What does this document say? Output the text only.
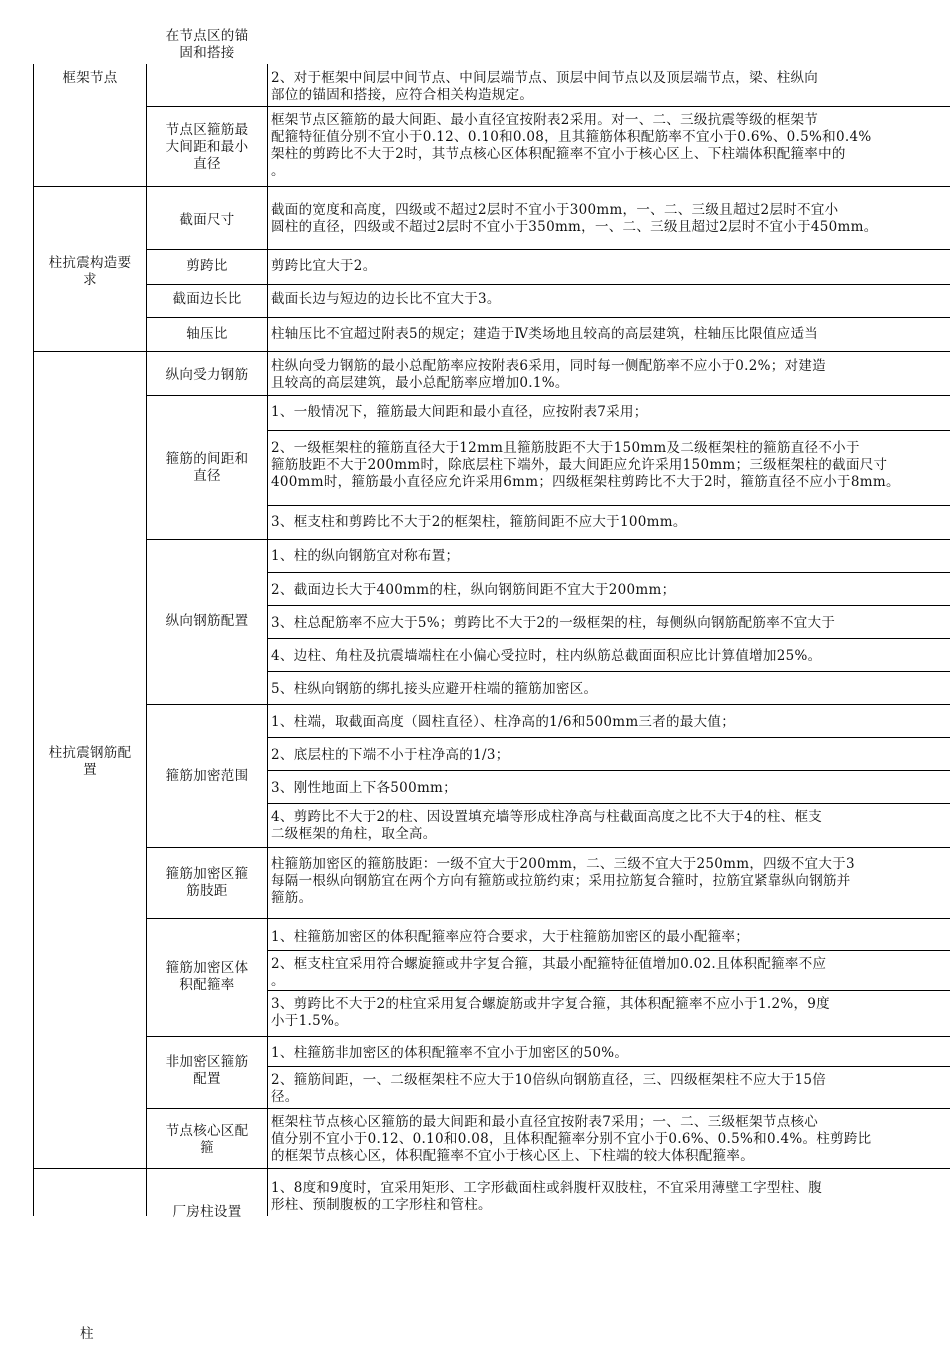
在节点区的锚
固和搭接
框架节点
柱抗震构造要
求
柱抗震钢筋配
置
节点区箍筋最
大间距和最小
直径
截面尺寸
剪跨比
截面边长比
轴压比
纵向受力钢筋
箍筋的间距和
直径
纵向钢筋配置
箍筋加密范围
箍筋加密区箍
筋肢距
箍筋加密区体
积配箍率
非加密区箍筋
配置
节点核心区配
箍
厂房柱设置
2、对于框架中间层中间节点、中间层端节点、顶层中间节点以及顶层端节点，梁、柱纵向
部位的锚固和搭接，应符合相关构造规定。
框架节点区箍筋的最大间距、最小直径宜按附表2采用。对一、二、三级抗震等级的框架节
配箍特征值分别不宜小于0.12、0.10和0.08，且其箍筋体积配筋率不宜小于0.6%、0.5%和0.4%
架柱的剪跨比不大于2时，其节点核心区体积配箍率不宜小于核心区上、下柱端体积配箍率中的
。
截面的宽度和高度，四级或不超过2层时不宜小于300mm，一、二、三级且超过2层时不宜小
圆柱的直径，四级或不超过2层时不宜小于350mm，一、二、三级且超过2层时不宜小于450mm。
剪跨比宜大于2。
截面长边与短边的边长比不宜大于3。
柱轴压比不宜超过附表5的规定；建造于Ⅳ类场地且较高的高层建筑，柱轴压比限值应适当
柱纵向受力钢筋的最小总配筋率应按附表6采用，同时每一侧配筋率不应小于0.2%；对建造
且较高的高层建筑，最小总配筋率应增加0.1%。
1、一般情况下，箍筋最大间距和最小直径，应按附表7采用；
2、一级框架柱的箍筋直径大于12mm且箍筋肢距不大于150mm及二级框架柱的箍筋直径不小于
箍筋肢距不大于200mm时，除底层柱下端外，最大间距应允许采用150mm；三级框架柱的截面尺寸
400mm时，箍筋最小直径应允许采用6mm；四级框架柱剪跨比不大于2时，箍筋直径不应小于8mm。
3、框支柱和剪跨比不大于2的框架柱，箍筋间距不应大于100mm。
1、柱的纵向钢筋宜对称布置；
2、截面边长大于400mm的柱，纵向钢筋间距不宜大于200mm；
3、柱总配筋率不应大于5%；剪跨比不大于2的一级框架的柱，每侧纵向钢筋配筋率不宜大于
4、边柱、角柱及抗震墙端柱在小偏心受拉时，柱内纵筋总截面面积应比计算值增加25%。
5、柱纵向钢筋的绑扎接头应避开柱端的箍筋加密区。
1、柱端，取截面高度（圆柱直径）、柱净高的1/6和500mm三者的最大值；
2、底层柱的下端不小于柱净高的1/3；
3、刚性地面上下各500mm；
4、剪跨比不大于2的柱、因设置填充墙等形成柱净高与柱截面高度之比不大于4的柱、框支
二级框架的角柱，取全高。
柱箍筋加密区的箍筋肢距：一级不宜大于200mm，二、三级不宜大于250mm，四级不宜大于3
每隔一根纵向钢筋宜在两个方向有箍筋或拉筋约束；采用拉筋复合箍时，拉筋宜紧靠纵向钢筋并
箍筋。
1、柱箍筋加密区的体积配箍率应符合要求，大于柱箍筋加密区的最小配箍率；
2、框支柱宜采用符合螺旋箍或井字复合箍，其最小配箍特征值增加0.02.且体积配箍率不应
。
3、剪跨比不大于2的柱宜采用复合螺旋筋或井字复合箍，其体积配箍率不应小于1.2%，9度
小于1.5%。
1、柱箍筋非加密区的体积配箍率不宜小于加密区的50%。
2、箍筋间距，一、二级框架柱不应大于10倍纵向钢筋直径，三、四级框架柱不应大于15倍
径。
框架柱节点核心区箍筋的最大间距和最小直径宜按附表7采用；一、二、三级框架节点核心
值分别不宜小于0.12、0.10和0.08，且体积配箍率分别不宜小于0.6%、0.5%和0.4%。柱剪跨比
的框架节点核心区，体积配箍率不宜小于核心区上、下柱端的较大体积配箍率。
1、8度和9度时，宜采用矩形、工字形截面柱或斜腹杆双肢柱，不宜采用薄壁工字型柱、腹
形柱、预制腹板的工字形柱和管柱。
柱
